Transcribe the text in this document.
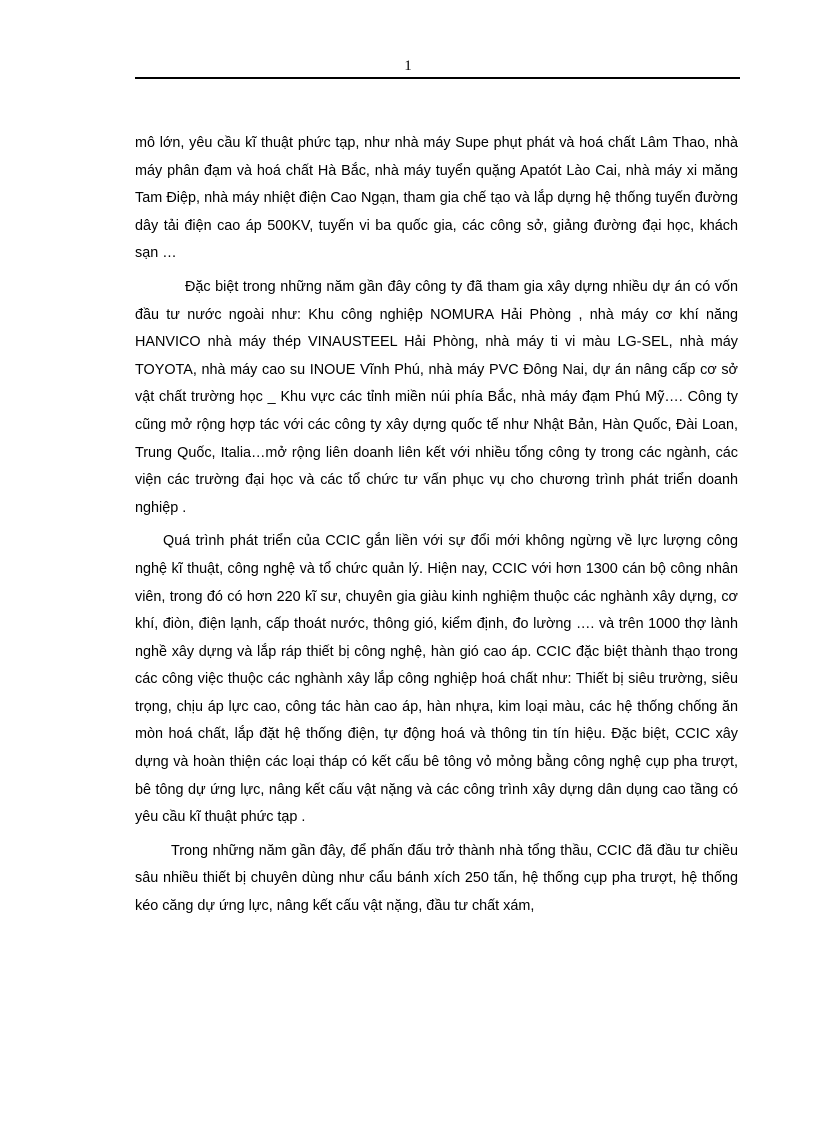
1

mô lớn, yêu cầu kĩ thuật phức tạp, như nhà máy Supe phụt phát và hoá chất Lâm Thao, nhà máy phân đạm và hoá chất Hà Bắc, nhà máy tuyển quặng Apatót Lào Cai, nhà máy xi măng Tam Điệp, nhà máy nhiệt điện Cao Ngạn, tham gia chế tạo và lắp dựng hệ thống tuyến đường dây tải điện cao áp 500KV, tuyến vi ba quốc gia, các công sở, giảng đường đại học, khách sạn …

Đặc biệt trong những năm gần đây công ty đã tham gia xây dựng nhiều dự án có vốn đầu tư nước ngoài như: Khu công nghiệp NOMURA Hải Phòng , nhà máy cơ khí năng HANVICO nhà máy thép VINAUSTEEL Hải Phòng, nhà máy ti vi màu LG-SEL, nhà máy TOYOTA, nhà máy cao su INOUE Vĩnh Phú, nhà máy PVC Đông Nai, dự án nâng cấp cơ sở vật chất trường học _ Khu vực các tỉnh miền núi phía Bắc, nhà máy đạm Phú Mỹ…. Công ty cũng mở rộng hợp tác với các công ty xây dựng quốc tế như Nhật Bản, Hàn Quốc, Đài Loan, Trung Quốc, Italia…mở rộng liên doanh liên kết với nhiều tổng công ty trong các ngành, các viện các trường đại học và các tổ chức tư vấn phục vụ cho chương trình phát triển doanh nghiệp .

Quá trình phát triển của CCIC gắn liền với sự đổi mới không ngừng về lực lượng công nghệ kĩ thuật, công nghệ và tổ chức quản lý. Hiện nay, CCIC với hơn 1300 cán bộ công nhân viên, trong đó có hơn 220 kĩ sư, chuyên gia giàu kinh nghiệm thuộc các nghành xây dựng, cơ khí, điòn, điện lạnh, cấp thoát nước, thông gió, kiểm định, đo lường …. và trên 1000 thợ lành nghề xây dựng và lắp ráp thiết bị công nghệ, hàn gió cao áp. CCIC đặc biệt thành thạo trong các công việc thuộc các nghành xây lắp công nghiệp hoá chất như: Thiết bị siêu trường, siêu trọng, chịu áp lực cao, công tác hàn cao áp, hàn nhựa, kim loại màu, các hệ thống chống ăn mòn hoá chất, lắp đặt hệ thống điện, tự động hoá và thông tin tín hiệu. Đặc biệt, CCIC xây dựng và hoàn thiện các loại tháp có kết cấu bê tông vỏ mỏng bằng công nghệ cụp pha trượt, bê tông dự ứng lực, nâng kết cấu vật nặng và các công trình xây dựng dân dụng cao tầng có yêu cầu kĩ thuật phức tạp .

Trong những năm gần đây, để phấn đấu trở thành nhà tổng thầu, CCIC đã đầu tư chiều sâu nhiều thiết bị chuyên dùng như cẩu bánh xích 250 tấn, hệ thống cụp pha trượt, hệ thống kéo căng dự ứng lực, nâng kết cấu vật nặng, đầu tư chất xám,
